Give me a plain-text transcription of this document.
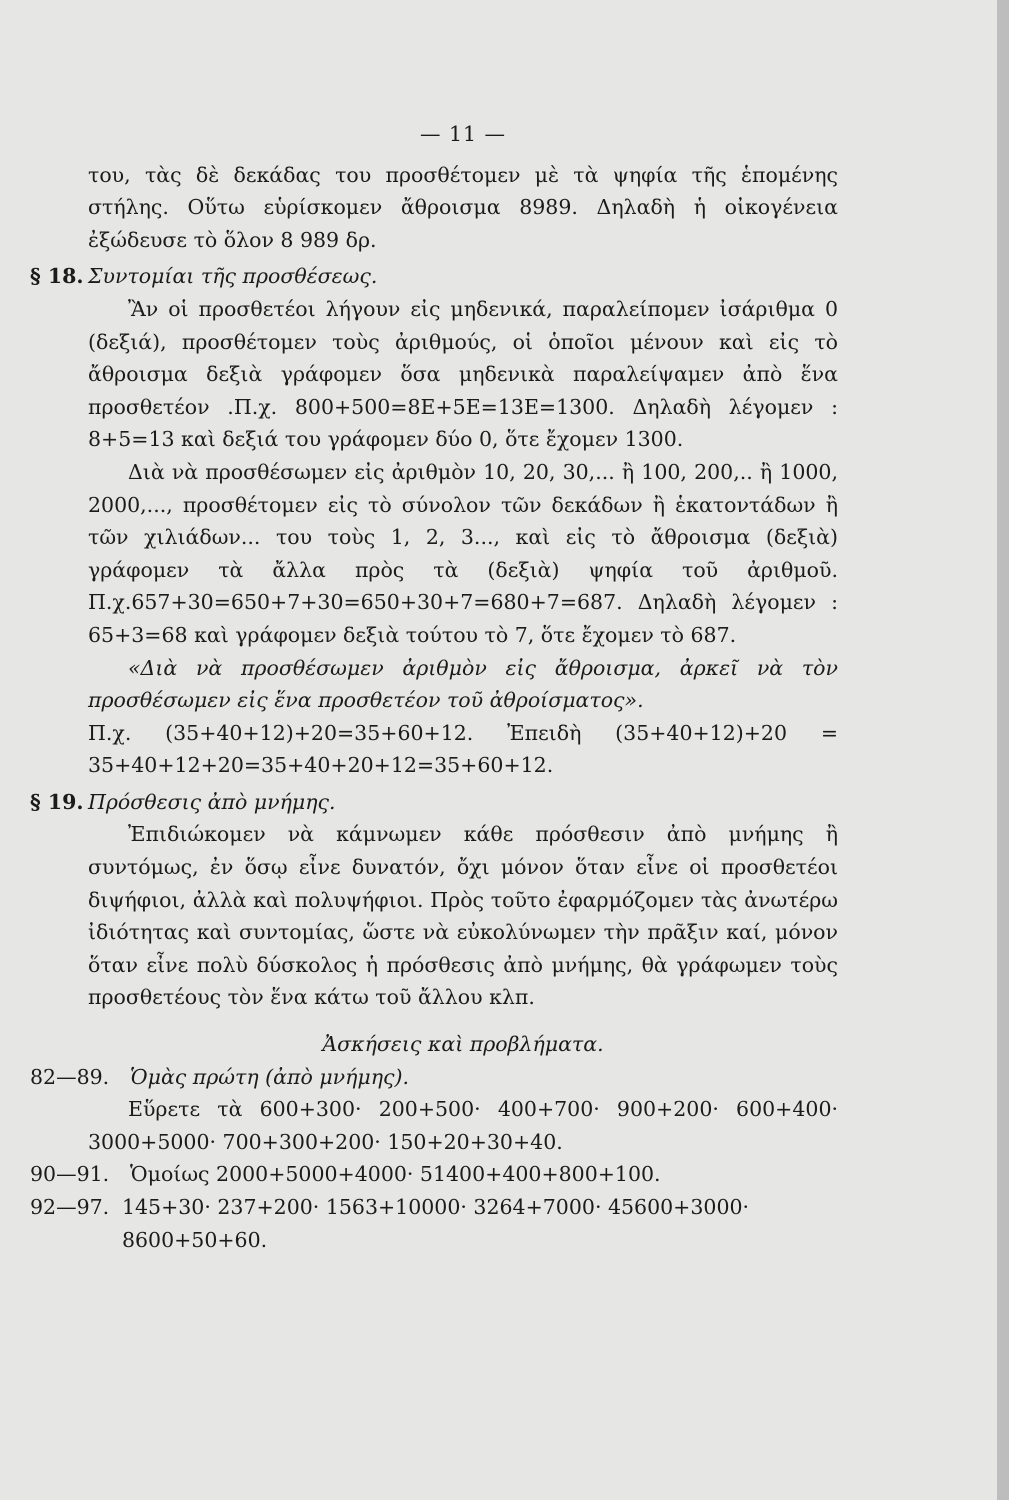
— 11 —

του, τὰς δὲ δεκάδας του προσθέτομεν μὲ τὰ ψηφία τῆς ἑπομένης στήλης. Οὕτω εὑρίσκομεν ἄθροισμα 8989. Δηλαδὴ ἡ οἰκογένεια ἐξώδευσε τὸ ὅλον 8 989 δρ.

§ 18. Συντομίαι τῆς προσθέσεως.

Ἂν οἱ προσθετέοι λήγουν εἰς μηδενικά, παραλείπομεν ἰσάριθμα 0 (δεξιά), προσθέτομεν τοὺς ἀριθμούς, οἱ ὁποῖοι μένουν καὶ εἰς τὸ ἄθροισμα δεξιὰ γράφομεν ὅσα μηδενικὰ παραλείψαμεν ἀπὸ ἕνα προσθετέον .Π.χ. 800+500=8Ε+5Ε=13Ε=1300. Δηλαδὴ λέγομεν : 8+5=13 καὶ δεξιά του γράφομεν δύο 0, ὅτε ἔχομεν 1300.

Διὰ νὰ προσθέσωμεν εἰς ἀριθμὸν 10, 20, 30,... ἢ 100, 200,.. ἢ 1000, 2000,..., προσθέτομεν εἰς τὸ σύνολον τῶν δεκάδων ἢ ἑκατοντάδων ἢ τῶν χιλιάδων... του τοὺς 1, 2, 3..., καὶ εἰς τὸ ἄθροισμα (δεξιὰ) γράφομεν τὰ ἄλλα πρὸς τὰ (δεξιὰ) ψηφία τοῦ ἀριθμοῦ. Π.χ.657+30=650+7+30=650+30+7=680+7=687. Δηλαδὴ λέγομεν : 65+3=68 καὶ γράφομεν δεξιὰ τούτου τὸ 7, ὅτε ἔχομεν τὸ 687.

«Διὰ νὰ προσθέσωμεν ἀριθμὸν εἰς ἄθροισμα, ἀρκεῖ νὰ τὸν προσθέσωμεν εἰς ἕνα προσθετέον τοῦ ἀθροίσματος».

Π.χ. (35+40+12)+20=35+60+12. Ἐπειδὴ (35+40+12)+20 = 35+40+12+20=35+40+20+12=35+60+12.

§ 19. Πρόσθεσις ἀπὸ μνήμης.

Ἐπιδιώκομεν νὰ κάμνωμεν κάθε πρόσθεσιν ἀπὸ μνήμης ἢ συντόμως, ἐν ὅσῳ εἶνε δυνατόν, ὄχι μόνον ὅταν εἶνε οἱ προσθετέοι διψήφιοι, ἀλλὰ καὶ πολυψήφιοι. Πρὸς τοῦτο ἐφαρμόζομεν τὰς ἀνωτέρω ἰδιότητας καὶ συντομίας, ὥστε νὰ εὐκολύνωμεν τὴν πρᾶξιν καί, μόνον ὅταν εἶνε πολὺ δύσκολος ἡ πρόσθεσις ἀπὸ μνήμης, θὰ γράφωμεν τοὺς προσθετέους τὸν ἕνα κάτω τοῦ ἄλλου κλπ.

Ἀσκήσεις καὶ προβλήματα.
82—89.	Ὁμὰς πρώτη (ἀπὸ μνήμης).

Εὕρετε τὰ 600+300· 200+500· 400+700· 900+200· 600+400· 3000+5000· 700+300+200· 150+20+30+40.

90—91.	Ὁμοίως 2000+5000+4000· 51400+400+800+100.
92—97. 145+30· 237+200· 1563+10000· 3264+7000· 45600+3000· 8600+50+60.
